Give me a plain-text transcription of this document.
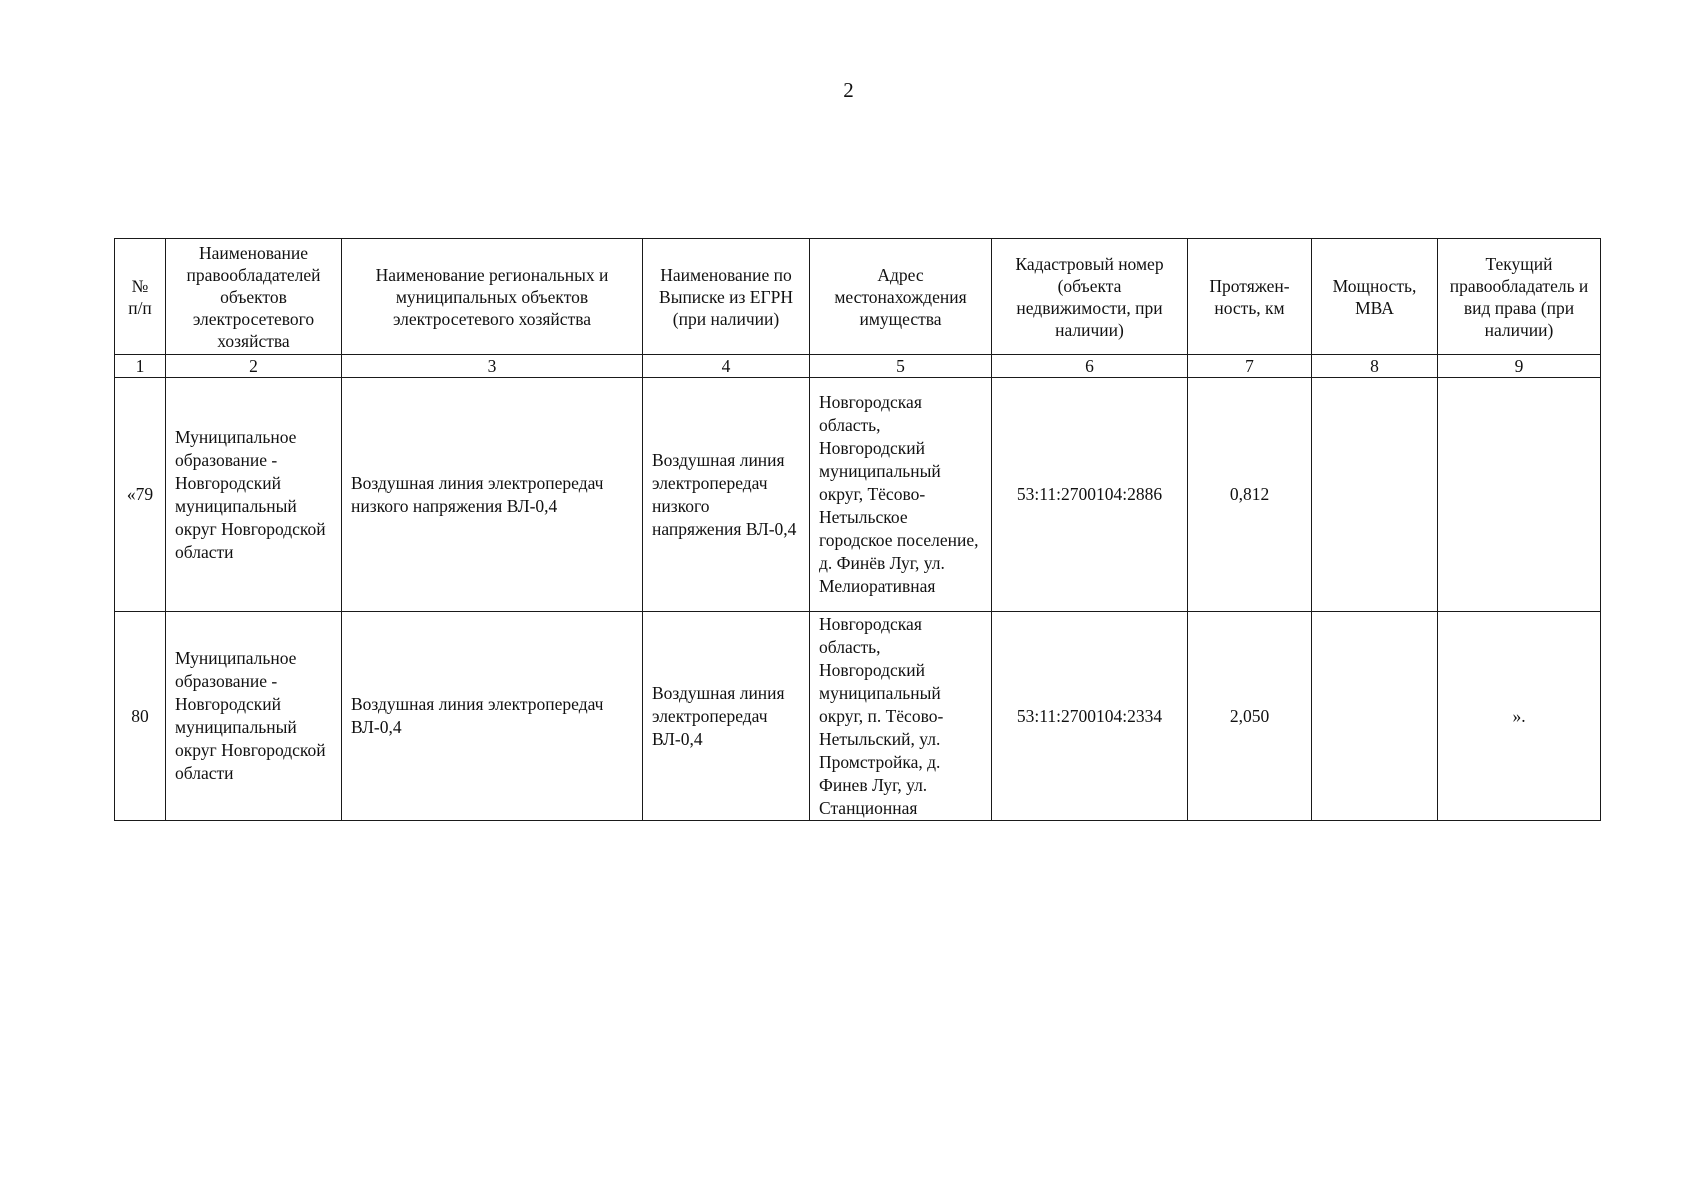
2
№ п/п	Наименование правообладателей объектов электросетевого хозяйства	Наименование региональных и муниципальных объектов электросетевого хозяйства	Наименование по Выписке из ЕГРН (при наличии)	Адрес местонахождения имущества	Кадастровый номер (объекта недвижимости, при наличии)	Протяжен-ность, км	Мощность, МВА	Текущий правообладатель и вид права (при наличии)
1	2	3	4	5	6	7	8	9
«79	Муниципальное образование - Новгородский муниципальный округ Новгородской области	Воздушная линия электропередач низкого напряжения ВЛ-0,4	Воздушная линия электропередач низкого напряжения ВЛ-0,4	Новгородская область, Новгородский муниципальный округ, Тёсово-Нетыльское городское поселение, д. Финёв Луг, ул. Мелиоративная	53:11:2700104:2886	0,812		
80	Муниципальное образование - Новгородский муниципальный округ Новгородской области	Воздушная линия электропередач ВЛ-0,4	Воздушная линия электропередач ВЛ-0,4	Новгородская область, Новгородский муниципальный округ, п. Тёсово-Нетыльский, ул. Промстройка, д. Финев Луг, ул. Станционная	53:11:2700104:2334	2,050		».
